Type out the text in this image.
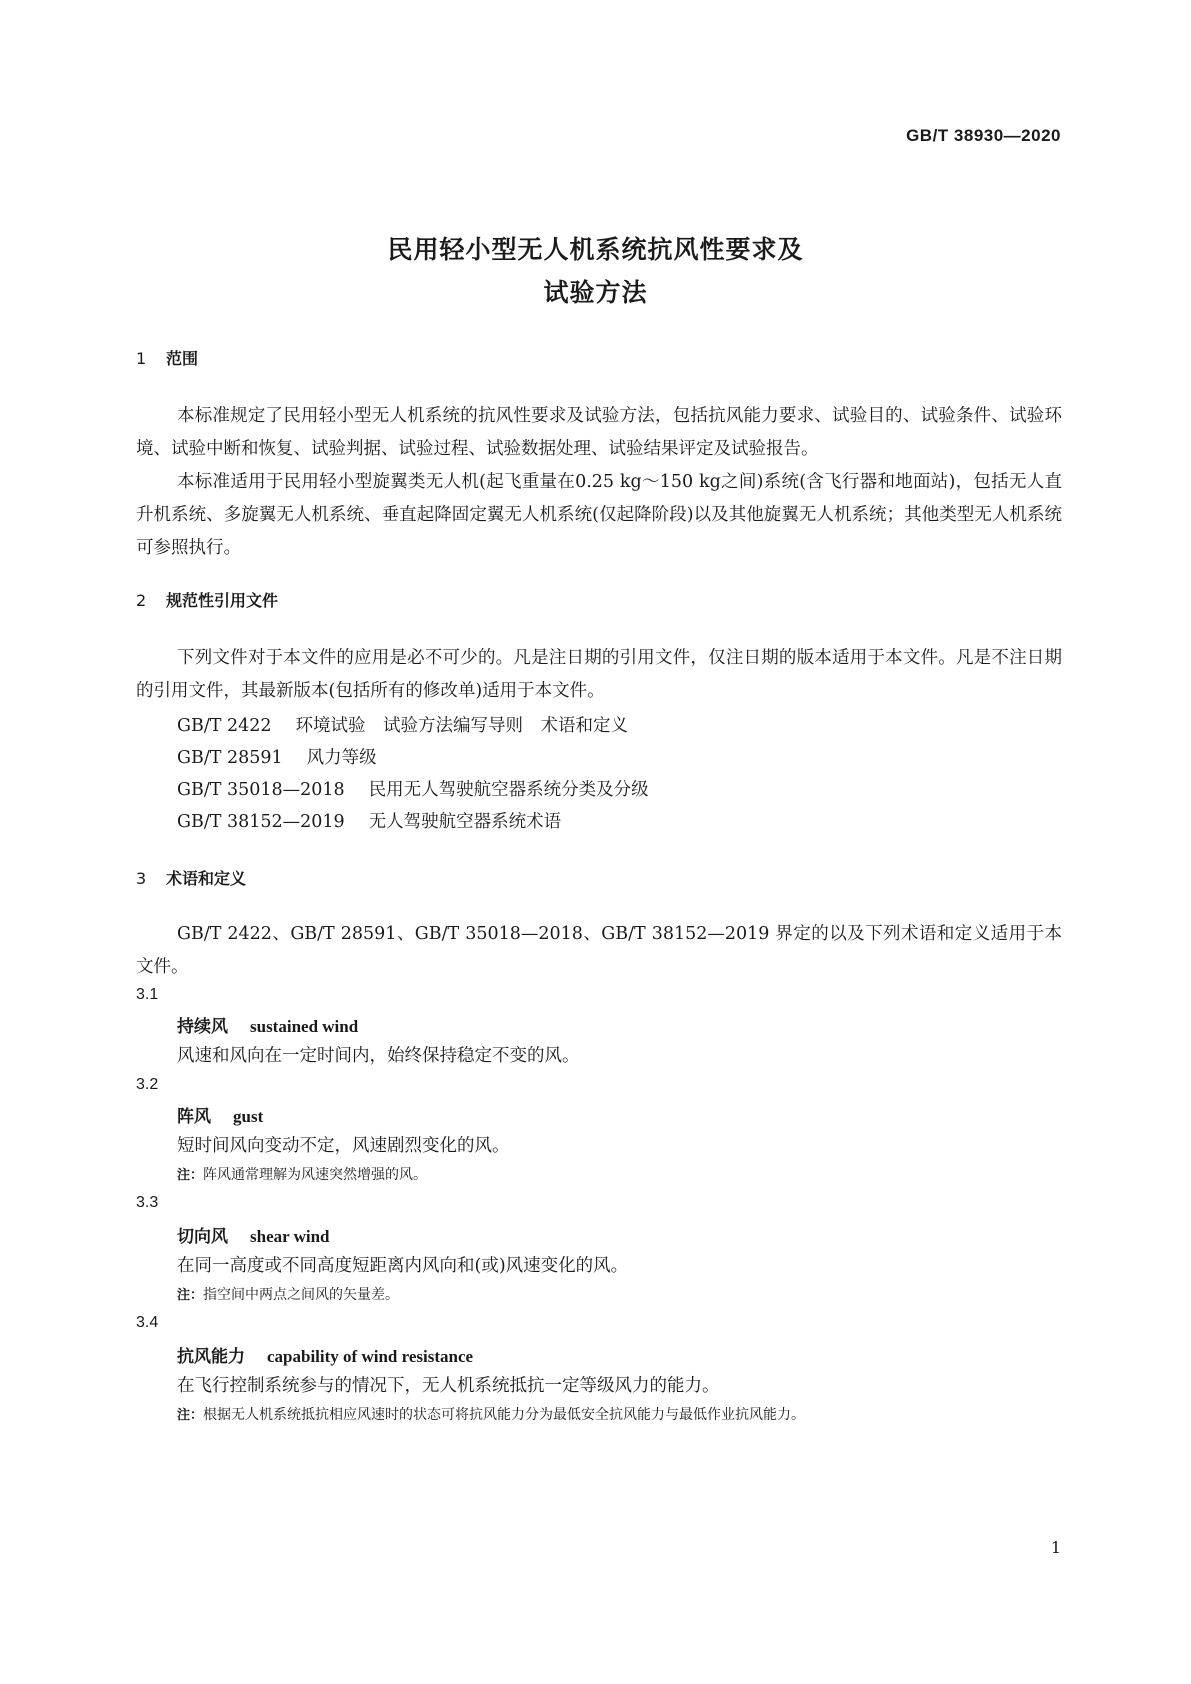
GB/T 38930—2020
民用轻小型无人机系统抗风性要求及
试验方法
1 范围
本标准规定了民用轻小型无人机系统的抗风性要求及试验方法，包括抗风能力要求、试验目的、试验条件、试验环境、试验中断和恢复、试验判据、试验过程、试验数据处理、试验结果评定及试验报告。
本标准适用于民用轻小型旋翼类无人机(起飞重量在0.25 kg～150 kg之间)系统(含飞行器和地面站)，包括无人直升机系统、多旋翼无人机系统、垂直起降固定翼无人机系统(仅起降阶段)以及其他旋翼无人机系统；其他类型无人机系统可参照执行。
2 规范性引用文件
下列文件对于本文件的应用是必不可少的。凡是注日期的引用文件，仅注日期的版本适用于本文件。凡是不注日期的引用文件，其最新版本(包括所有的修改单)适用于本文件。
GB/T 2422 环境试验　试验方法编写导则　术语和定义
GB/T 28591 风力等级
GB/T 35018—2018 民用无人驾驶航空器系统分类及分级
GB/T 38152—2019 无人驾驶航空器系统术语
3 术语和定义
GB/T 2422、GB/T 28591、GB/T 35018—2018、GB/T 38152—2019 界定的以及下列术语和定义适用于本文件。
3.1
持续风 sustained wind
风速和风向在一定时间内，始终保持稳定不变的风。
3.2
阵风 gust
短时间风向变动不定，风速剧烈变化的风。
注：阵风通常理解为风速突然增强的风。
3.3
切向风 shear wind
在同一高度或不同高度短距离内风向和(或)风速变化的风。
注：指空间中两点之间风的矢量差。
3.4
抗风能力 capability of wind resistance
在飞行控制系统参与的情况下，无人机系统抵抗一定等级风力的能力。
注：根据无人机系统抵抗相应风速时的状态可将抗风能力分为最低安全抗风能力与最低作业抗风能力。
1
